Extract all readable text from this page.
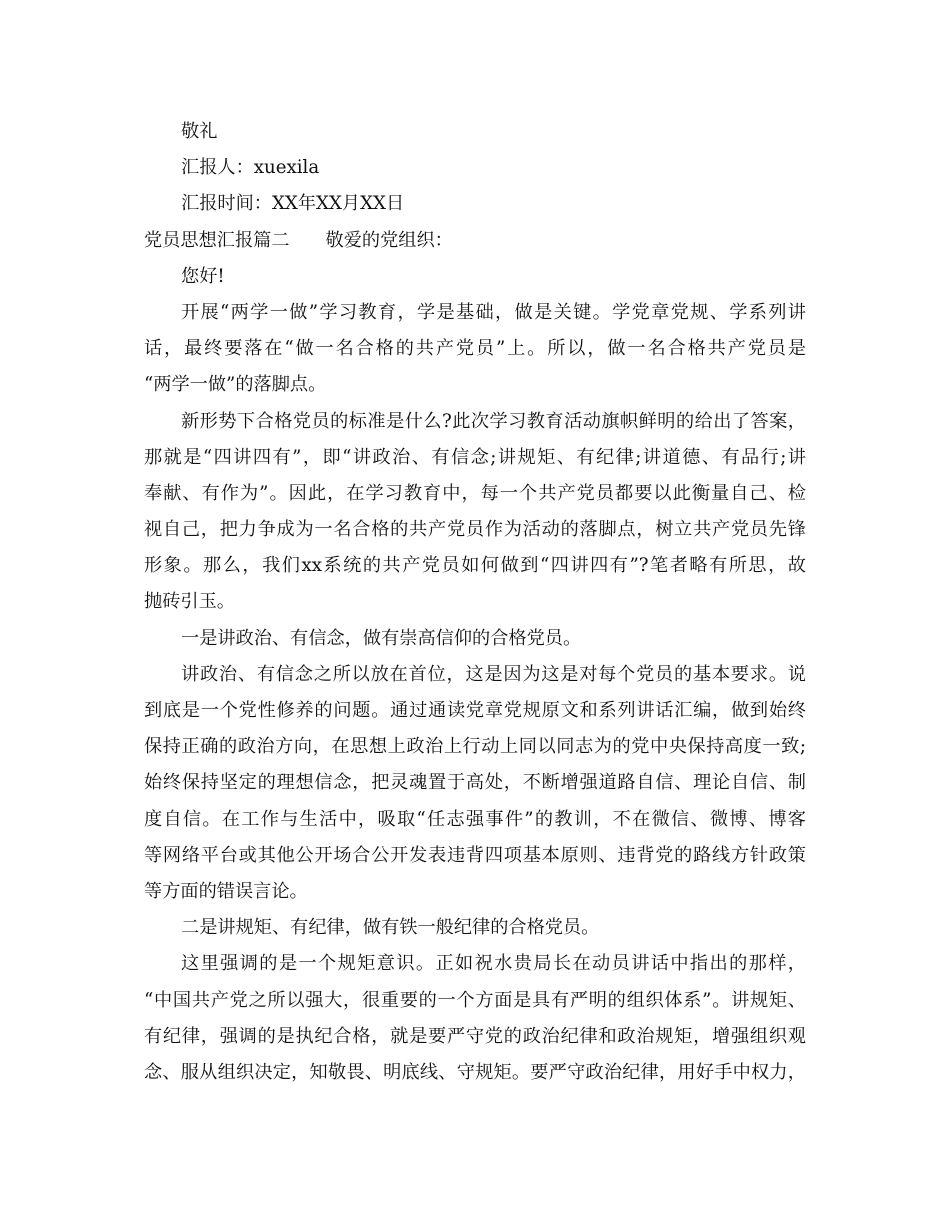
敬礼
汇报人：xuexila
汇报时间：XX年XX月XX日
党员思想汇报篇二 敬爱的党组织：
您好!
开展“两学一做”学习教育，学是基础，做是关键。学党章党规、学系列讲
话，最终要落在“做一名合格的共产党员”上。所以，做一名合格共产党员是
“两学一做”的落脚点。
新形势下合格党员的标准是什么?此次学习教育活动旗帜鲜明的给出了答案，
那就是“四讲四有”，即“讲政治、有信念;讲规矩、有纪律;讲道德、有品行;讲
奉献、有作为”。因此，在学习教育中，每一个共产党员都要以此衡量自己、检
视自己，把力争成为一名合格的共产党员作为活动的落脚点，树立共产党员先锋
形象。那么，我们xx系统的共产党员如何做到“四讲四有”?笔者略有所思，故
抛砖引玉。
一是讲政治、有信念，做有崇高信仰的合格党员。
讲政治、有信念之所以放在首位，这是因为这是对每个党员的基本要求。说
到底是一个党性修养的问题。通过通读党章党规原文和系列讲话汇编，做到始终
保持正确的政治方向，在思想上政治上行动上同以同志为的党中央保持高度一致;
始终保持坚定的理想信念，把灵魂置于高处，不断增强道路自信、理论自信、制
度自信。在工作与生活中，吸取“任志强事件”的教训，不在微信、微博、博客
等网络平台或其他公开场合公开发表违背四项基本原则、违背党的路线方针政策
等方面的错误言论。
二是讲规矩、有纪律，做有铁一般纪律的合格党员。
这里强调的是一个规矩意识。正如祝水贵局长在动员讲话中指出的那样，
“中国共产党之所以强大，很重要的一个方面是具有严明的组织体系”。讲规矩、
有纪律，强调的是执纪合格，就是要严守党的政治纪律和政治规矩，增强组织观
念、服从组织决定，知敬畏、明底线、守规矩。要严守政治纪律，用好手中权力，
